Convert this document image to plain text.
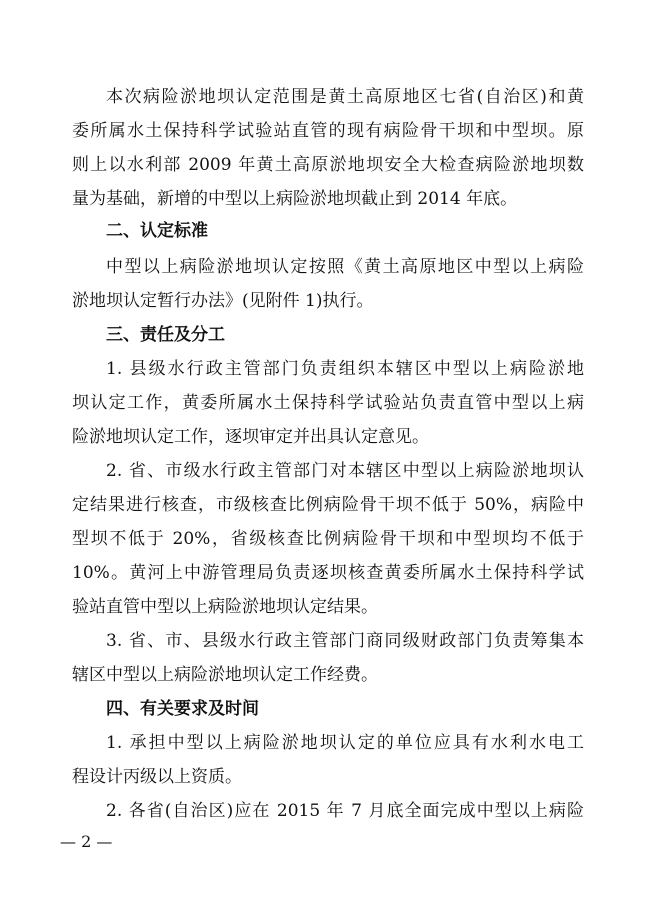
本次病险淤地坝认定范围是黄土高原地区七省(自治区)和黄
委所属水土保持科学试验站直管的现有病险骨干坝和中型坝。原
则上以水利部 2009 年黄土高原淤地坝安全大检查病险淤地坝数
量为基础，新增的中型以上病险淤地坝截止到 2014 年底。
二、认定标准
中型以上病险淤地坝认定按照《黄土高原地区中型以上病险
淤地坝认定暂行办法》(见附件 1)执行。
三、责任及分工
1. 县级水行政主管部门负责组织本辖区中型以上病险淤地
坝认定工作，黄委所属水土保持科学试验站负责直管中型以上病
险淤地坝认定工作，逐坝审定并出具认定意见。
2. 省、市级水行政主管部门对本辖区中型以上病险淤地坝认
定结果进行核查，市级核查比例病险骨干坝不低于 50%，病险中
型坝不低于 20%，省级核查比例病险骨干坝和中型坝均不低于
10%。黄河上中游管理局负责逐坝核查黄委所属水土保持科学试
验站直管中型以上病险淤地坝认定结果。
3. 省、市、县级水行政主管部门商同级财政部门负责筹集本
辖区中型以上病险淤地坝认定工作经费。
四、有关要求及时间
1. 承担中型以上病险淤地坝认定的单位应具有水利水电工
程设计丙级以上资质。
2. 各省(自治区)应在 2015 年 7 月底全面完成中型以上病险
— 2 —
